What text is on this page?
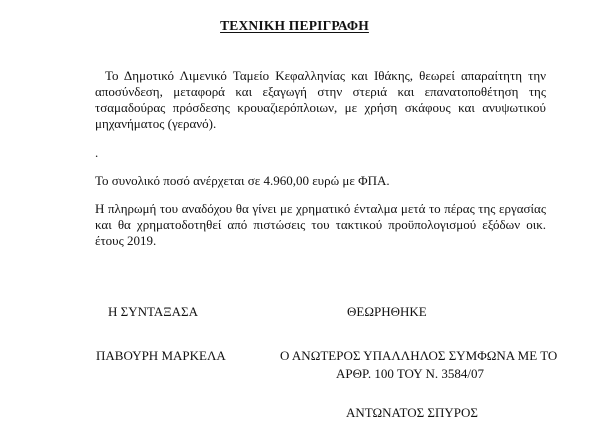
ΤΕΧΝΙΚΗ ΠΕΡΙΓΡΑΦΗ

Το Δημοτικό Λιμενικό Ταμείο Κεφαλληνίας και Ιθάκης, θεωρεί απαραίτητη την αποσύνδεση, μεταφορά και εξαγωγή στην στεριά και επανατοποθέτηση της τσαμαδούρας πρόσδεσης κρουαζιερόπλοιων, με χρήση σκάφους και ανυψωτικού μηχανήματος (γερανό).

.

Το συνολικό ποσό ανέρχεται σε 4.960,00 ευρώ με ΦΠΑ.

Η πληρωμή του αναδόχου θα γίνει με χρηματικό ένταλμα μετά το πέρας της εργασίας και θα χρηματοδοτηθεί από πιστώσεις του τακτικού προϋπολογισμού εξόδων οικ. έτους 2019.

Η ΣΥΝΤΑΞΑΣΑ
ΠΑΒΟΥΡΗ ΜΑΡΚΕΛΑ
ΘΕΩΡΗΘΗΚΕ
Ο ΑΝΩΤΕΡΟΣ ΥΠΑΛΛΗΛΟΣ ΣΥΜΦΩΝΑ ΜΕ ΤΟ
ΑΡΘΡ. 100 ΤΟΥ Ν. 3584/07
ΑΝΤΩΝΑΤΟΣ ΣΠΥΡΟΣ
